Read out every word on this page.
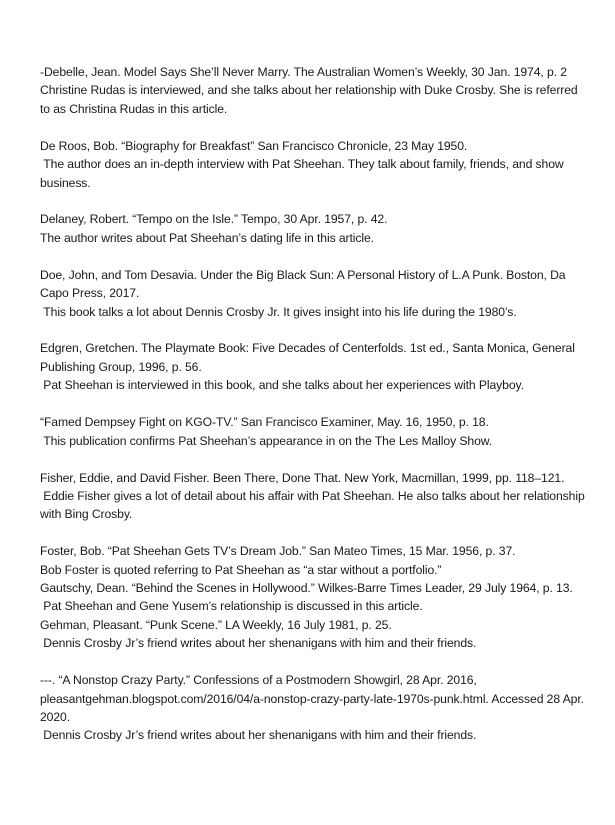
-Debelle, Jean. Model Says She’ll Never Marry. The Australian Women’s Weekly, 30 Jan. 1974, p. 2
Christine Rudas is interviewed, and she talks about her relationship with Duke Crosby. She is referred to as Christina Rudas in this article.
De Roos, Bob. “Biography for Breakfast” San Francisco Chronicle, 23 May 1950.
The author does an in-depth interview with Pat Sheehan. They talk about family, friends, and show business.
Delaney, Robert. “Tempo on the Isle.” Tempo, 30 Apr. 1957, p. 42.
The author writes about Pat Sheehan’s dating life in this article.
Doe, John, and Tom Desavia. Under the Big Black Sun: A Personal History of L.A Punk. Boston, Da Capo Press, 2017.
This book talks a lot about Dennis Crosby Jr. It gives insight into his life during the 1980’s.
Edgren, Gretchen. The Playmate Book: Five Decades of Centerfolds. 1st ed., Santa Monica, General Publishing Group, 1996, p. 56.
Pat Sheehan is interviewed in this book, and she talks about her experiences with Playboy.
“Famed Dempsey Fight on KGO-TV.” San Francisco Examiner, May. 16, 1950, p. 18.
This publication confirms Pat Sheehan’s appearance in on the The Les Malloy Show.
Fisher, Eddie, and David Fisher. Been There, Done That. New York, Macmillan, 1999, pp. 118–121.
Eddie Fisher gives a lot of detail about his affair with Pat Sheehan. He also talks about her relationship with Bing Crosby.
Foster, Bob. “Pat Sheehan Gets TV’s Dream Job.” San Mateo Times, 15 Mar. 1956, p. 37.
Bob Foster is quoted referring to Pat Sheehan as “a star without a portfolio.”
Gautschy, Dean. “Behind the Scenes in Hollywood.” Wilkes-Barre Times Leader, 29 July 1964, p. 13.
Pat Sheehan and Gene Yusem’s relationship is discussed in this article.
Gehman, Pleasant. “Punk Scene.” LA Weekly, 16 July 1981, p. 25.
Dennis Crosby Jr’s friend writes about her shenanigans with him and their friends.
---. “A Nonstop Crazy Party.” Confessions of a Postmodern Showgirl, 28 Apr. 2016, pleasantgehman.blogspot.com/2016/04/a-nonstop-crazy-party-late-1970s-punk.html. Accessed 28 Apr. 2020.
Dennis Crosby Jr’s friend writes about her shenanigans with him and their friends.
